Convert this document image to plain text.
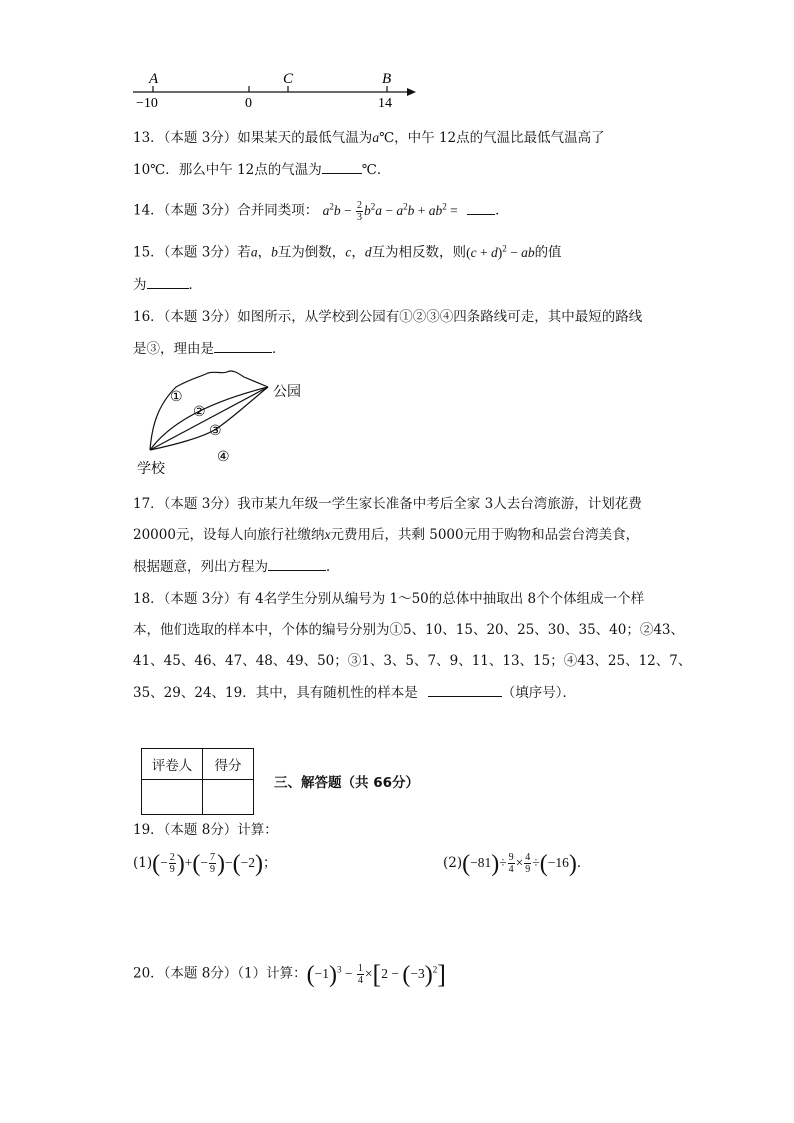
A	C	B
−10	0	14
13．（本题 3分）如果某天的最低气温为a℃，中午 12点的气温比最低气温高了
10℃．那么中午 12点的气温为	℃．
14．（本题 3分）合并同类项： $a^2b - \frac{2}{3} b^2a - a^2b + ab^2$ =	．
15．（本题 3分）若a，b互为倒数，c，d互为相反数，则$(c + d)^2$ − ab的值
为	．
16．（本题 3分）如图所示，从学校到公园有①②③④四条路线可走，其中最短的路线
是③，理由是	．
①
②
③
④
公园
学校
17．（本题 3分）我市某九年级一学生家长准备中考后全家 3人去台湾旅游，计划花费
20000元，设每人向旅行社缴纳x元费用后，共剩 5000元用于购物和品尝台湾美食，
根据题意，列出方程为	．
18．（本题 3分）有 4名学生分别从编号为 1～50的总体中抽取出 8个个体组成一个样
本，他们选取的样本中，个体的编号分别为①5、10、15、20、25、30、35、40；②43、
41、45、46、47、48、49、50；③1、3、5、7、9、11、13、15；④43、25、12、7、
35、29、24、19．其中，具有随机性的样本是	（填序号）．
评卷人	得分

三、解答题（共 66分）
19．（本题 8分）计算：
$(1)(- \frac{2}{9}$ )+(− $\frac{7}{9} )-(-2)$；	$(2)(-81)\div \frac{9}{4} \times \frac{4}{9} \div(-16)$．
20．（本题 8分）（1）计算：$(-1)^3 - \frac{1}{4} \times[2 - (-3)^2]$
